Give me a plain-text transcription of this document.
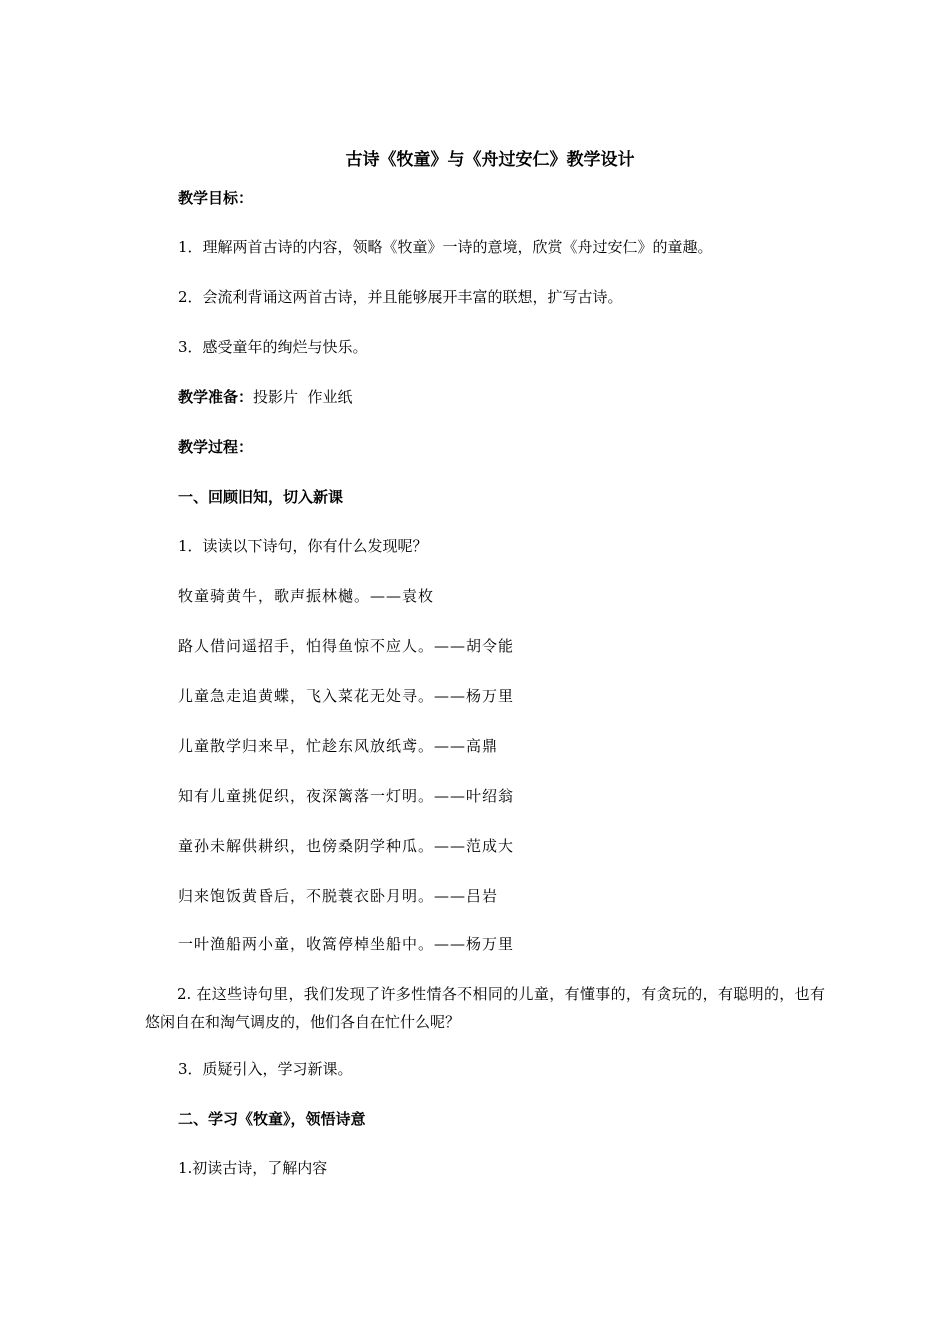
古诗《牧童》与《舟过安仁》教学设计
教学目标：
1．理解两首古诗的内容，领略《牧童》一诗的意境，欣赏《舟过安仁》的童趣。
2．会流利背诵这两首古诗，并且能够展开丰富的联想，扩写古诗。
3．感受童年的绚烂与快乐。
教学准备：投影片  作业纸
教学过程：
一、回顾旧知，切入新课
1．读读以下诗句，你有什么发现呢？
牧童骑黄牛，歌声振林樾。——袁枚
路人借问遥招手，怕得鱼惊不应人。——胡令能
儿童急走追黄蝶，飞入菜花无处寻。——杨万里
儿童散学归来早，忙趁东风放纸鸢。——高鼎
知有儿童挑促织，夜深篱落一灯明。——叶绍翁
童孙未解供耕织，也傍桑阴学种瓜。——范成大
归来饱饭黄昏后，不脱蓑衣卧月明。——吕岩
一叶渔船两小童，收篙停棹坐船中。——杨万里
2. 在这些诗句里，我们发现了许多性情各不相同的儿童，有懂事的，有贪玩的，有聪明的，也有悠闲自在和淘气调皮的，他们各自在忙什么呢？
3．质疑引入，学习新课。
二、学习《牧童》，领悟诗意
1.初读古诗，了解内容
